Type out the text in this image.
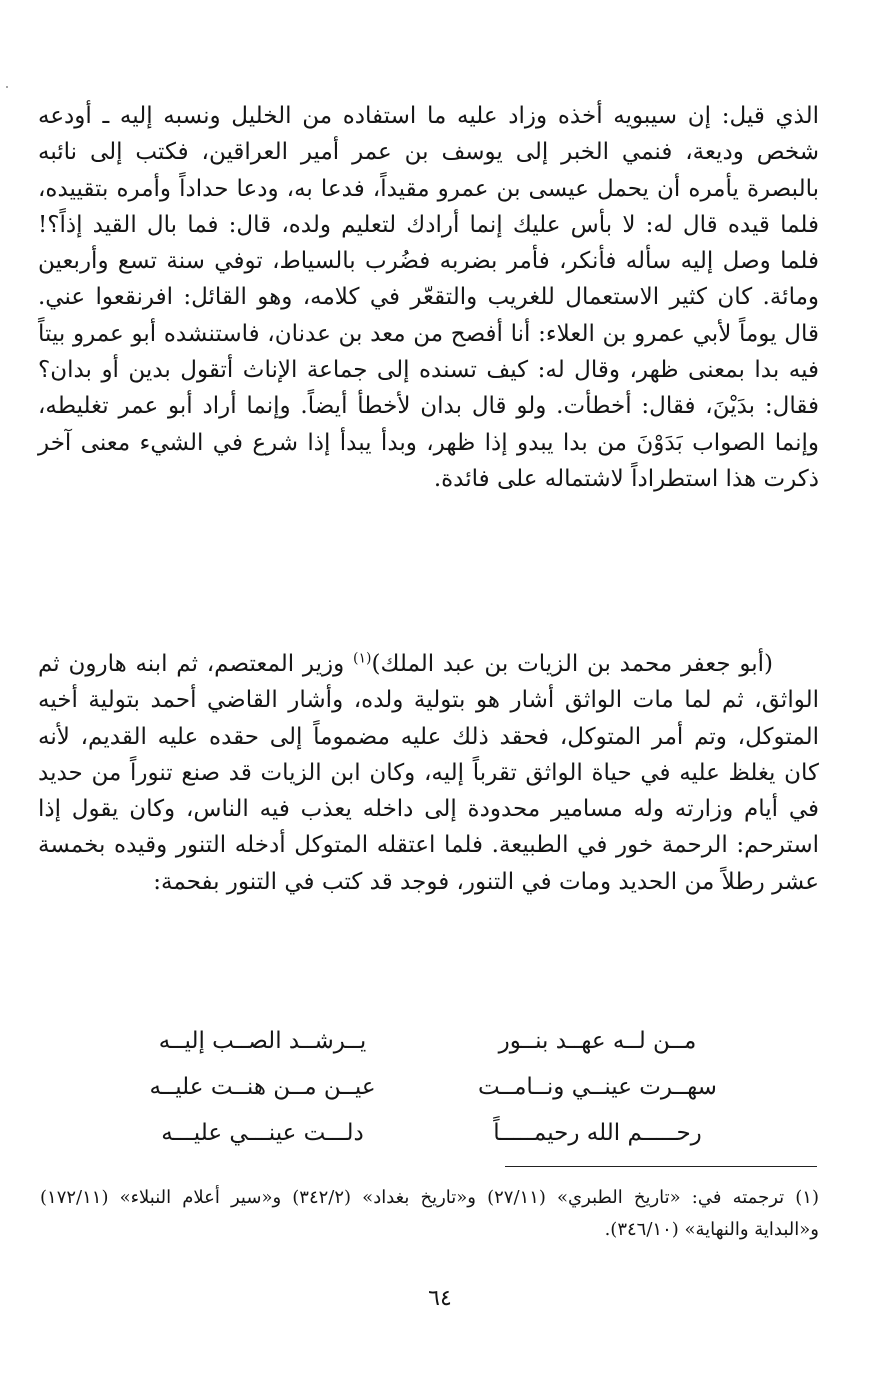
الذي قيل: إن سيبويه أخذه وزاد عليه ما استفاده من الخليل ونسبه إليه ـ أودعه شخص وديعة، فنمي الخبر إلى يوسف بن عمر أمير العراقين، فكتب إلى نائبه بالبصرة يأمره أن يحمل عيسى بن عمرو مقيداً، فدعا به، ودعا حداداً وأمره بتقييده، فلما قيده قال له: لا بأس عليك إنما أرادك لتعليم ولده، قال: فما بال القيد إذاً؟! فلما وصل إليه سأله فأنكر، فأمر بضربه فضُرب بالسياط، توفي سنة تسع وأربعين ومائة. كان كثير الاستعمال للغريب والتقعّر في كلامه، وهو القائل: افرنقعوا عني. قال يوماً لأبي عمرو بن العلاء: أنا أفصح من معد بن عدنان، فاستنشده أبو عمرو بيتاً فيه بدا بمعنى ظهر، وقال له: كيف تسنده إلى جماعة الإناث أتقول بدين أو بدان؟ فقال: بدَيْنَ، فقال: أخطأت. ولو قال بدان لأخطأ أيضاً. وإنما أراد أبو عمر تغليطه، وإنما الصواب بَدَوْنَ من بدا يبدو إذا ظهر، وبدأ يبدأ إذا شرع في الشيء معنى آخر ذكرت هذا استطراداً لاشتماله على فائدة.
(أبو جعفر محمد بن الزيات بن عبد الملك)$^{(١)}$ وزير المعتصم، ثم ابنه هارون ثم الواثق، ثم لما مات الواثق أشار هو بتولية ولده، وأشار القاضي أحمد بتولية أخيه المتوكل، وتم أمر المتوكل، فحقد ذلك عليه مضموماً إلى حقده عليه القديم، لأنه كان يغلظ عليه في حياة الواثق تقرباً إليه، وكان ابن الزيات قد صنع تنوراً من حديد في أيام وزارته وله مسامير محدودة إلى داخله يعذب فيه الناس، وكان يقول إذا استرحم: الرحمة خور في الطبيعة. فلما اعتقله المتوكل أدخله التنور وقيده بخمسة عشر رطلاً من الحديد ومات في التنور، فوجد قد كتب في التنور بفحمة:
مــن لــه عهــد بنــور
يــرشــد الصــب إليــه
سهــرت عينــي ونــامــت
عيــن مــن هنــت عليــه
رحـــــم الله رحيمـــــاً
دلـــت عينـــي عليـــه
(١) ترجمته في: «تاريخ الطبري» (٢٧/١١) و«تاريخ بغداد» (٣٤٢/٢) و«سير أعلام النبلاء» (١٧٢/١١) و«البداية والنهاية» (٣٤٦/١٠).
٦٤
